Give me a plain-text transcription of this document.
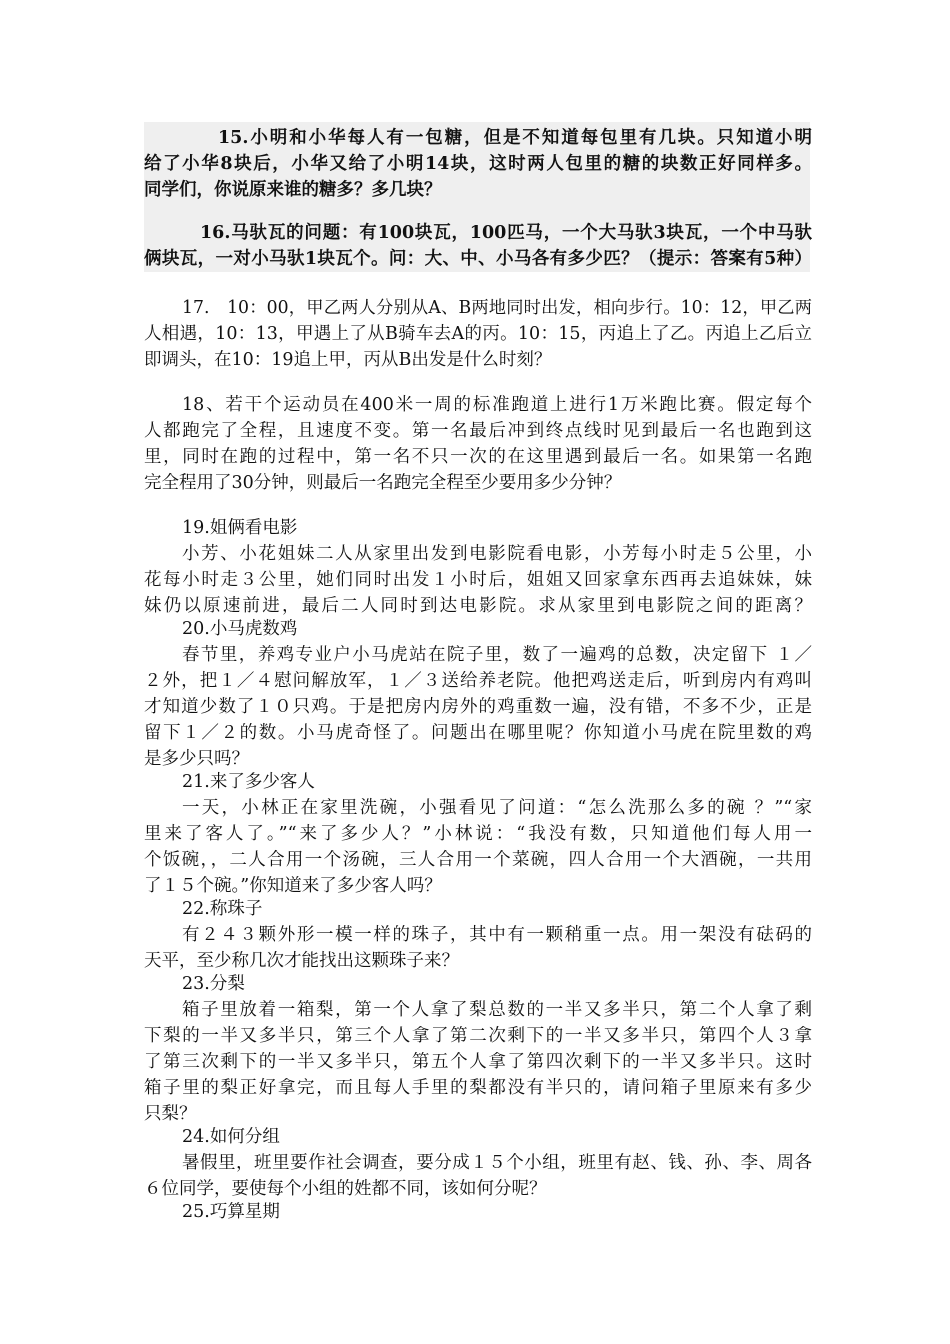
15.小明和小华每人有一包糖，但是不知道每包里有几块。只知道小明
给了小华8块后，小华又给了小明14块，这时两人包里的糖的块数正好同样多。
同学们，你说原来谁的糖多？多几块？
16.马驮瓦的问题：有100块瓦，100匹马，一个大马驮3块瓦，一个中马驮
俩块瓦，一对小马驮1块瓦个。问：大、中、小马各有多少匹？（提示：答案有5种）
17.　10：00，甲乙两人分别从A、B两地同时出发，相向步行。10：12，甲乙两
人相遇，10：13，甲遇上了从B骑车去A的丙。10：15，丙追上了乙。丙追上乙后立
即调头，在10：19追上甲，丙从B出发是什么时刻？
18、若干个运动员在400米一周的标准跑道上进行1万米跑比赛。假定每个
人都跑完了全程，且速度不变。第一名最后冲到终点线时见到最后一名也跑到这
里，同时在跑的过程中，第一名不只一次的在这里遇到最后一名。如果第一名跑
完全程用了30分钟，则最后一名跑完全程至少要用多少分钟？
19.姐俩看电影
小芳、小花姐妹二人从家里出发到电影院看电影，小芳每小时走５公里，小
花每小时走３公里，她们同时出发１小时后，姐姐又回家拿东西再去追妹妹，妹
妹仍以原速前进，最后二人同时到达电影院。求从家里到电影院之间的距离？
20.小马虎数鸡
春节里，养鸡专业户小马虎站在院子里，数了一遍鸡的总数，决定留下 １／
２外，把１／４慰问解放军，１／３送给养老院。他把鸡送走后，听到房内有鸡叫
才知道少数了１０只鸡。于是把房内房外的鸡重数一遍，没有错，不多不少，正是
留下１／２的数。小马虎奇怪了。问题出在哪里呢？你知道小马虎在院里数的鸡
是多少只吗？
21.来了多少客人
一天，小林正在家里洗碗，小强看见了问道：“怎么洗那么多的碗 ？”“家
里来了客人了。”“来了多少人？”小林说：“我没有数，只知道他们每人用一
个饭碗，，二人合用一个汤碗，三人合用一个菜碗，四人合用一个大酒碗，一共用
了１５个碗。”你知道来了多少客人吗？
22.称珠子
有２４３颗外形一模一样的珠子，其中有一颗稍重一点。用一架没有砝码的
天平，至少称几次才能找出这颗珠子来？
23.分梨
箱子里放着一箱梨，第一个人拿了梨总数的一半又多半只，第二个人拿了剩
下梨的一半又多半只，第三个人拿了第二次剩下的一半又多半只，第四个人３拿
了第三次剩下的一半又多半只，第五个人拿了第四次剩下的一半又多半只。这时
箱子里的梨正好拿完，而且每人手里的梨都没有半只的，请问箱子里原来有多少
只梨？
24.如何分组
暑假里，班里要作社会调查，要分成１５个小组，班里有赵、钱、孙、李、周各
６位同学，要使每个小组的姓都不同，该如何分呢？
25.巧算星期
